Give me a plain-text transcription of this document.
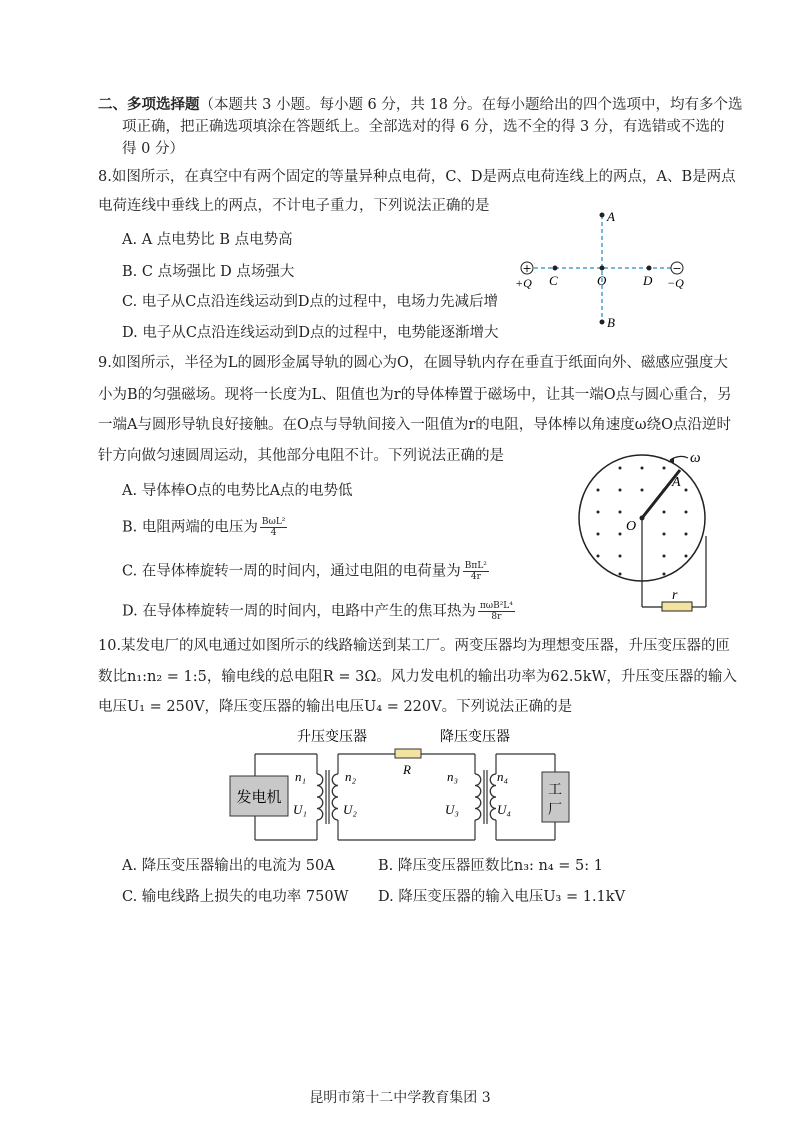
二、多项选择题（本题共 3 小题。每小题 6 分，共 18 分。在每小题给出的四个选项中，均有多个选
项正确，把正确选项填涂在答题纸上。全部选对的得 6 分，选不全的得 3 分，有选错或不选的
得 0 分）
8.如图所示，在真空中有两个固定的等量异种点电荷，C、D是两点电荷连线上的两点，A、B是两点
电荷连线中垂线上的两点，不计电子重力，下列说法正确的是
A. A 点电势比 B 点电势高
B. C 点场强比 D 点场强大
C. 电子从C点沿连线运动到D点的过程中，电场力先减后增
D. 电子从C点沿连线运动到D点的过程中，电势能逐渐增大
A
B
C	O	D
+
+Q
−
−Q
9.如图所示，半径为L的圆形金属导轨的圆心为O，在圆导轨内存在垂直于纸面向外、磁感应强度大
小为B的匀强磁场。现将一长度为L、阻值也为r的导体棒置于磁场中，让其一端O点与圆心重合，另
一端A与圆形导轨良好接触。在O点与导轨间接入一阻值为r的电阻，导体棒以角速度ω绕O点沿逆时
针方向做匀速圆周运动，其他部分电阻不计。下列说法正确的是
A. 导体棒O点的电势比A点的电势低
B. 电阻两端的电压为 $\frac{\text{BωL²}}{4}$
C. 在导体棒旋转一周的时间内，通过电阻的电荷量为 $\frac{\text{BπL²}}{4r}$
D. 在导体棒旋转一周的时间内，电路中产生的焦耳热为 $\frac{\text{πωB²L⁴}}{8r}$
O
A
ω
r
10.某发电厂的风电通过如图所示的线路输送到某工厂。两变压器均为理想变压器，升压变压器的匝
数比n₁:n₂ = 1:5，输电线的总电阻R = 3Ω。风力发电机的输出功率为62.5kW，升压变压器的输入
电压U₁ = 250V，降压变压器的输出电压U₄ = 220V。下列说法正确的是
升压变压器	降压变压器
发电机
n₁
U₁
n₂
U₂
R	n₃
U₃
n₄
U₄
工
厂
A. 降压变压器输出的电流为 50A	B. 降压变压器匝数比n₃: n₄ = 5: 1
C. 输电线路上损失的电功率 750W D. 降压变压器的输入电压U₃ = 1.1kV
昆明市第十二中学教育集团 3
